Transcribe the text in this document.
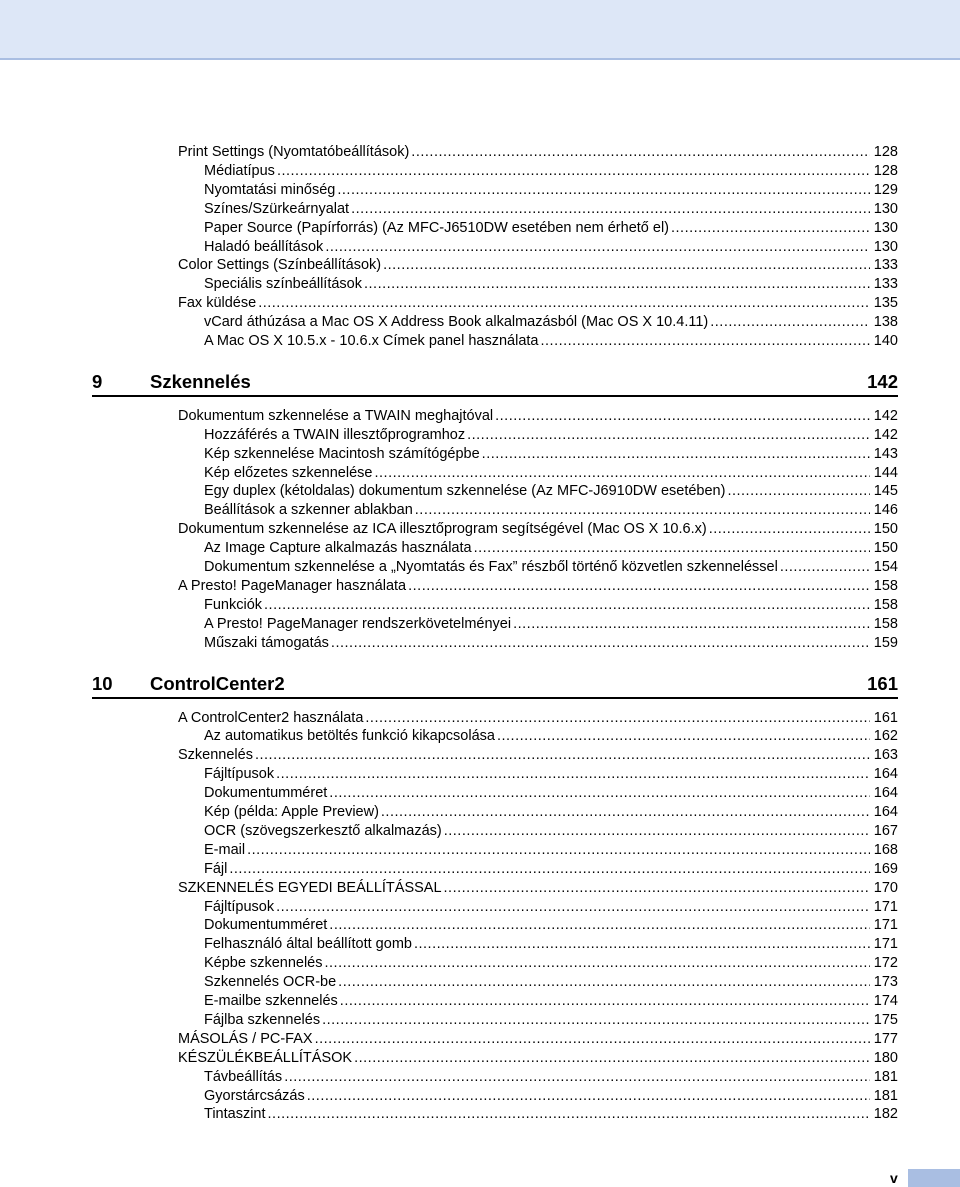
Print Settings (Nyomtatóbeállítások) .....	128
Médiatípus .....	128
Nyomtatási minőség .....	129
Színes/Szürkeárnyalat .....	130
Paper Source (Papírforrás) (Az MFC-J6510DW esetében nem érhető el) .....	130
Haladó beállítások .....	130
Color Settings (Színbeállítások) .....	133
Speciális színbeállítások .....	133
Fax küldése .....	135
vCard áthúzása a Mac OS X Address Book alkalmazásból (Mac OS X 10.4.11) .....	138
A Mac OS X 10.5.x - 10.6.x Címek panel használata .....	140
9	Szkennelés	142
Dokumentum szkennelése a TWAIN meghajtóval .....	142
Hozzáférés a TWAIN illesztőprogramhoz .....	142
Kép szkennelése Macintosh számítógépbe .....	143
Kép előzetes szkennelése .....	144
Egy duplex (kétoldalas) dokumentum szkennelése (Az MFC-J6910DW esetében) .....	145
Beállítások a szkenner ablakban .....	146
Dokumentum szkennelése az ICA illesztőprogram segítségével (Mac OS X 10.6.x) .....	150
Az Image Capture alkalmazás használata .....	150
Dokumentum szkennelése a „Nyomtatás és Fax” részből történő közvetlen szkenneléssel .....	154
A Presto! PageManager használata .....	158
Funkciók .....	158
A Presto! PageManager rendszerkövetelményei .....	158
Műszaki támogatás .....	159
10 ControlCenter2	161
A ControlCenter2 használata .....	161
Az automatikus betöltés funkció kikapcsolása .....	162
Szkennelés .....	163
Fájltípusok .....	164
Dokumentumméret .....	164
Kép (példa: Apple Preview) .....	164
OCR (szövegszerkesztő alkalmazás) .....	167
E-mail .....	168
Fájl .....	169
SZKENNELÉS EGYEDI BEÁLLÍTÁSSAL .....	170
Fájltípusok .....	171
Dokumentumméret .....	171
Felhasználó által beállított gomb .....	171
Képbe szkennelés .....	172
Szkennelés OCR-be .....	173
E-mailbe szkennelés .....	174
Fájlba szkennelés .....	175
MÁSOLÁS / PC-FAX .....	177
KÉSZÜLÉKBEÁLLÍTÁSOK .....	180
Távbeállítás .....	181
Gyorstárcsázás .....	181
Tintaszint .....	182
v
